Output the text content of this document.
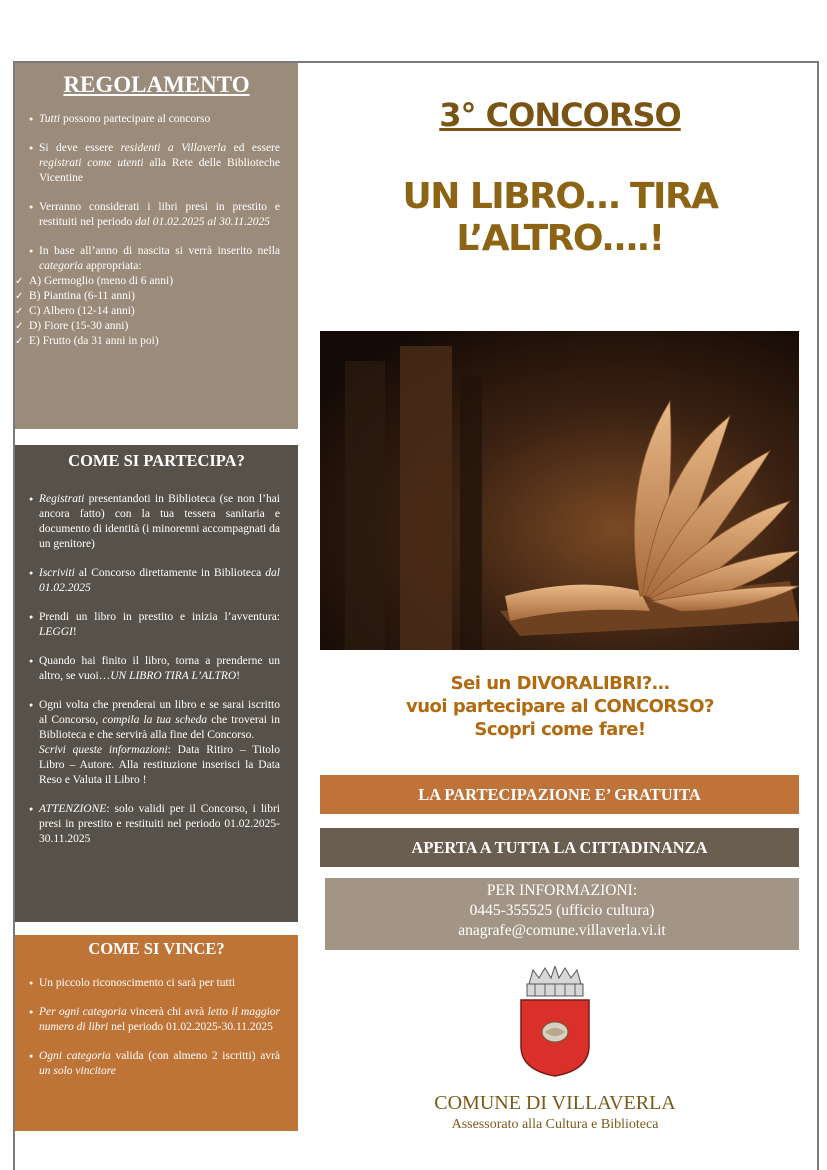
REGOLAMENTO
● Tutti possono partecipare al concorso
● Si deve essere residenti a Villaverla ed essere registrati come utenti alla Rete delle Biblioteche Vicentine
● Verranno considerati i libri presi in prestito e restituiti nel periodo dal 01.02.2025 al 30.11.2025
● In base all’anno di nascita si verrà inserito nella categoria appropriata:
✓ A) Germoglio (meno di 6 anni)
✓ B) Piantina (6-11 anni)
✓ C) Albero (12-14 anni)
✓ D) Fiore (15-30 anni)
✓ E) Frutto (da 31 anni in poi)
COME SI PARTECIPA?
● Registrati presentandoti in Biblioteca (se non l’hai ancora fatto) con la tua tessera sanitaria e documento di identità (i minorenni accompagnati da un genitore)
● Iscriviti al Concorso direttamente in Biblioteca dal 01.02.2025
● Prendi un libro in prestito e inizia l’avventura: LEGGI!
● Quando hai finito il libro, torna a prenderne un altro, se vuoi…UN LIBRO TIRA L’ALTRO!
● Ogni volta che prenderai un libro e se sarai iscritto al Concorso, compila la tua scheda che troverai in Biblioteca e che servirà alla fine del Concorso.
Scrivi queste informazioni: Data Ritiro – Titolo Libro – Autore. Alla restituzione inserisci la Data Reso e Valuta il Libro !
● ATTENZIONE: solo validi per il Concorso, i libri presi in prestito e restituiti nel periodo 01.02.2025-30.11.2025
COME SI VINCE?
● Un piccolo riconoscimento ci sarà per tutti
● Per ogni categoria vincerà chi avrà letto il maggior numero di libri nel periodo 01.02.2025-30.11.2025
● Ogni categoria valida (con almeno 2 iscritti) avrà un solo vincitore
3° CONCORSO
UN LIBRO… TIRA
L’ALTRO….!
Sei un DIVORALIBRI?…
vuoi partecipare al CONCORSO?
Scopri come fare!
LA PARTECIPAZIONE E’ GRATUITA
APERTA A TUTTA LA CITTADINANZA
PER INFORMAZIONI:
0445-355525 (ufficio cultura)
anagrafe@comune.villaverla.vi.it
COMUNE DI VILLAVERLA
Assessorato alla Cultura e Biblioteca
